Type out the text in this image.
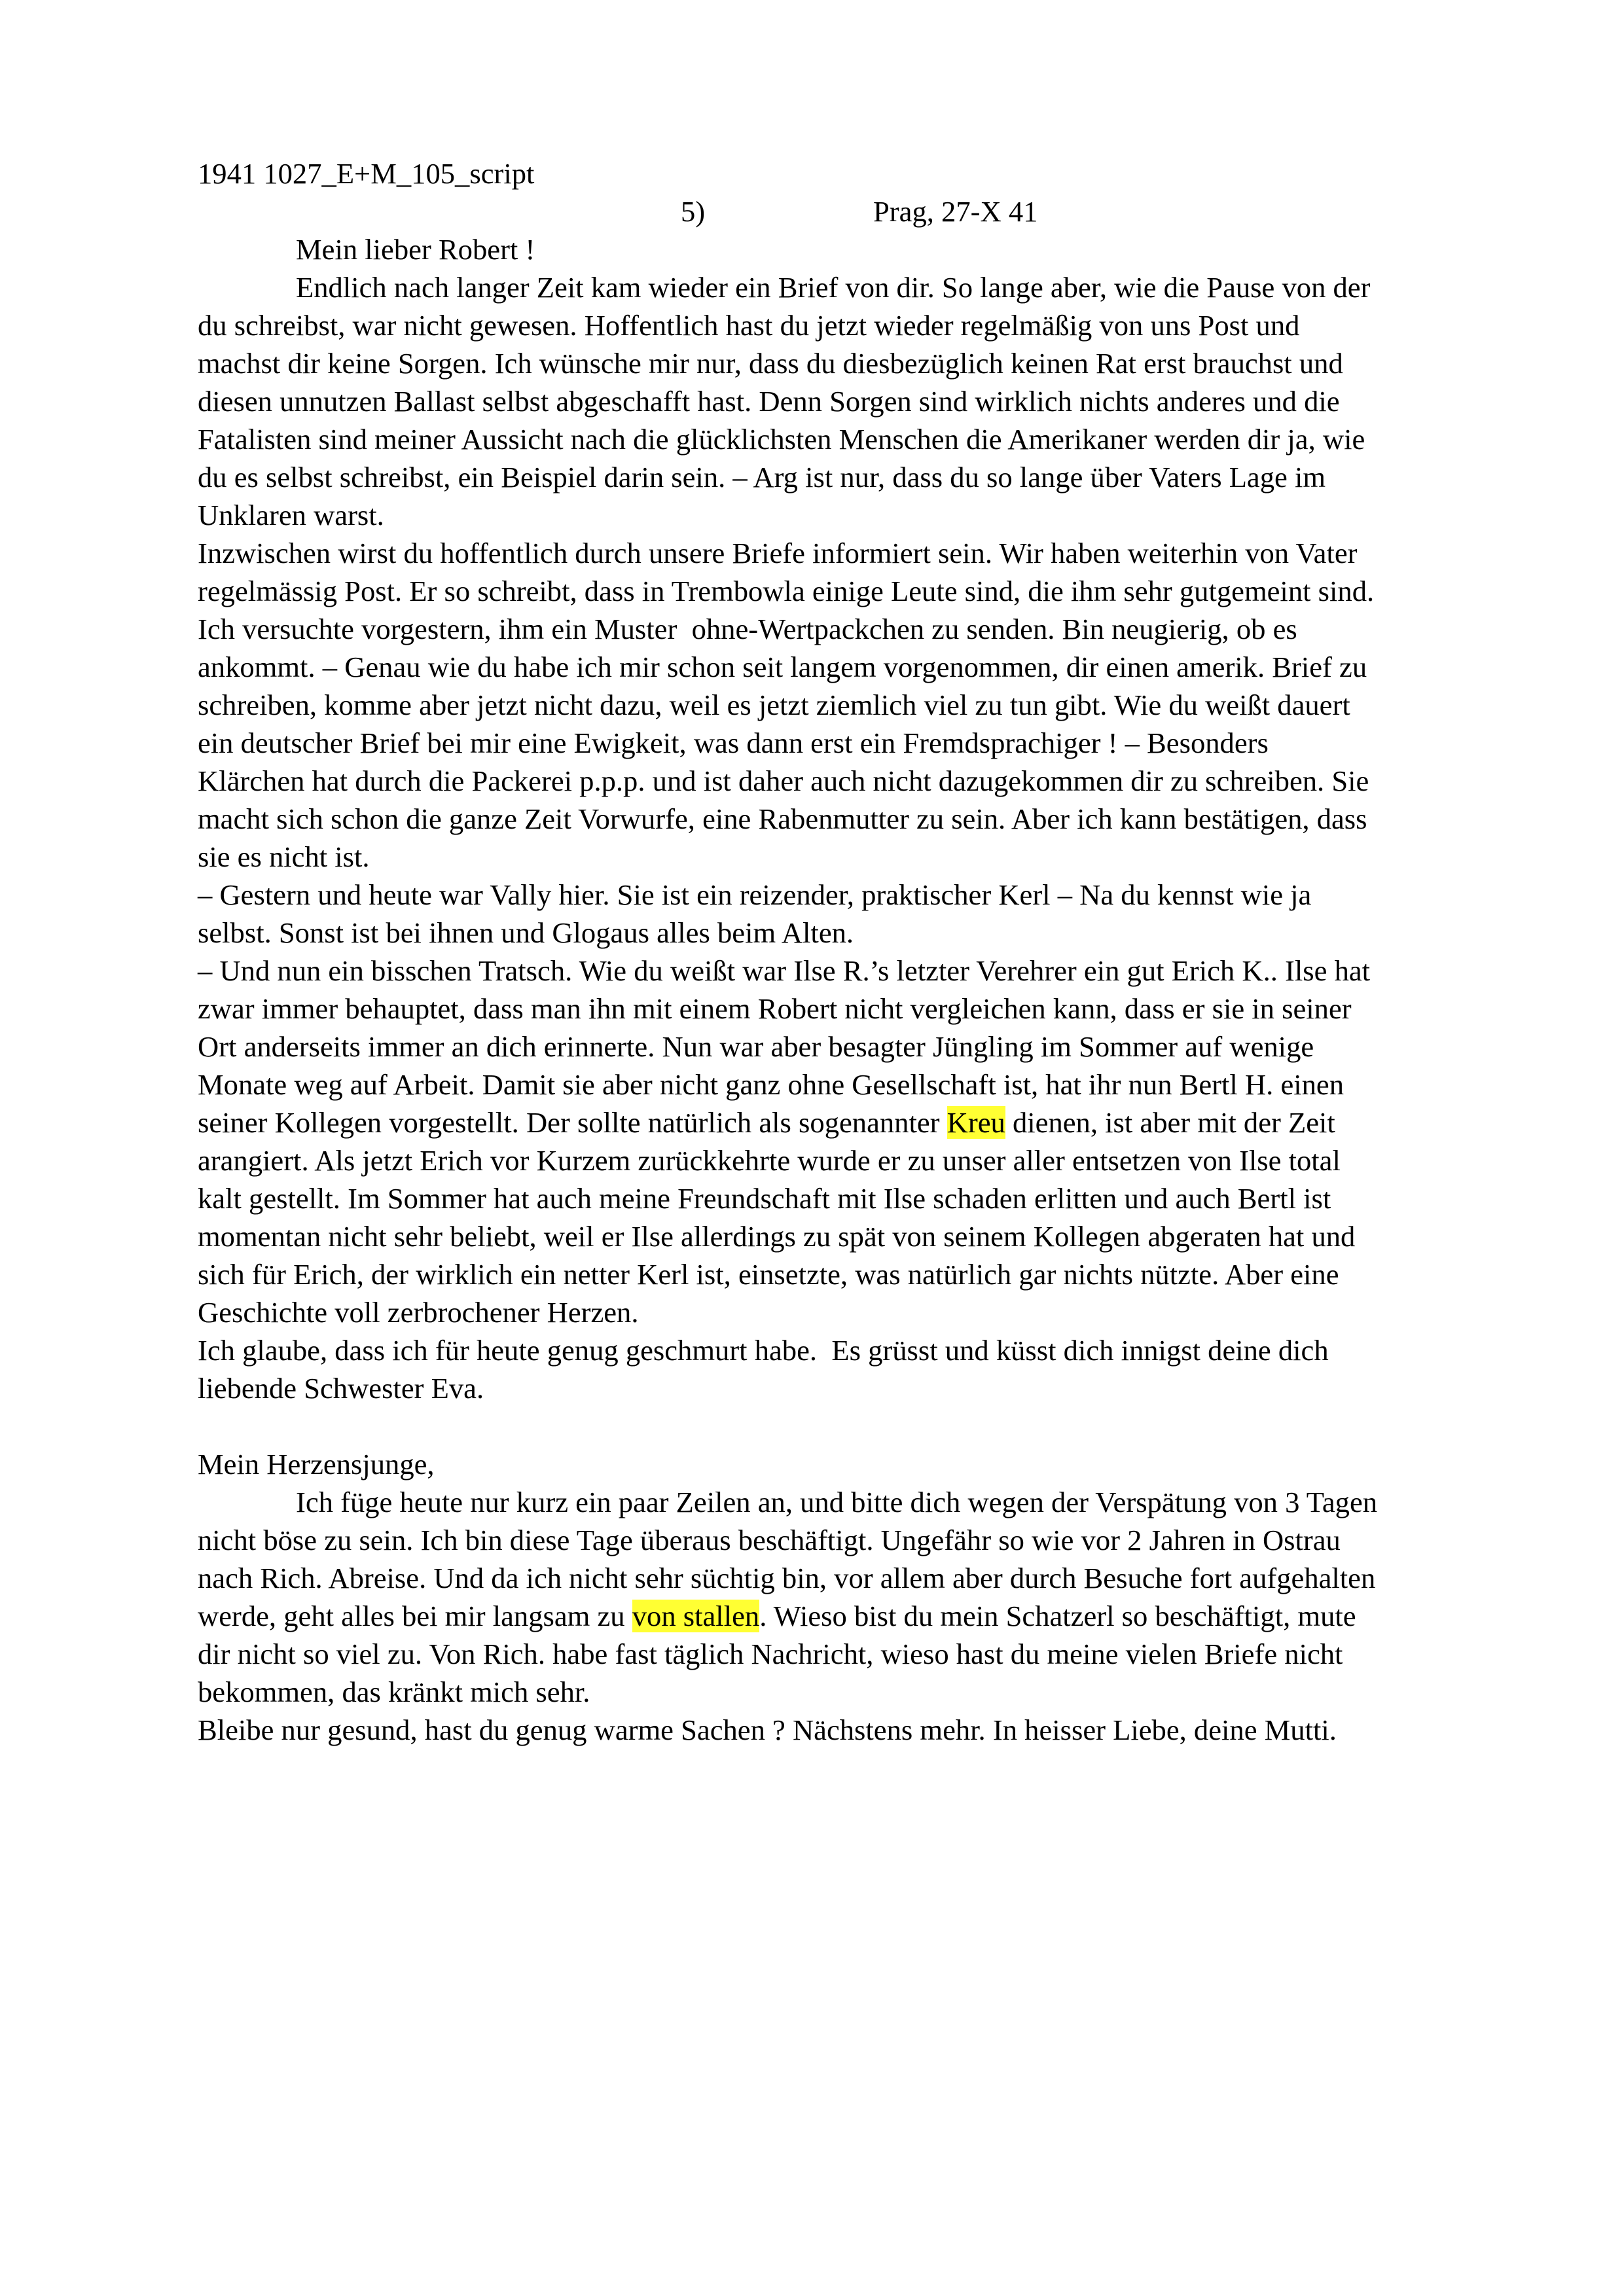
1941 1027_E+M_105_script
5)	Prag, 27-X 41
Mein lieber Robert !
Endlich nach langer Zeit kam wieder ein Brief von dir. So lange aber, wie die Pause von der
du schreibst, war nicht gewesen. Hoffentlich hast du jetzt wieder regelmäßig von uns Post und
machst dir keine Sorgen. Ich wünsche mir nur, dass du diesbezüglich keinen Rat erst brauchst und
diesen unnutzen Ballast selbst abgeschafft hast. Denn Sorgen sind wirklich nichts anderes und die
Fatalisten sind meiner Aussicht nach die glücklichsten Menschen die Amerikaner werden dir ja, wie
du es selbst schreibst, ein Beispiel darin sein. – Arg ist nur, dass du so lange über Vaters Lage im
Unklaren warst.
Inzwischen wirst du hoffentlich durch unsere Briefe informiert sein. Wir haben weiterhin von Vater
regelmässig Post. Er so schreibt, dass in Trembowla einige Leute sind, die ihm sehr gutgemeint sind.
Ich versuchte vorgestern, ihm ein Muster  ohne-Wertpackchen zu senden. Bin neugierig, ob es
ankommt. – Genau wie du habe ich mir schon seit langem vorgenommen, dir einen amerik. Brief zu
schreiben, komme aber jetzt nicht dazu, weil es jetzt ziemlich viel zu tun gibt. Wie du weißt dauert
ein deutscher Brief bei mir eine Ewigkeit, was dann erst ein Fremdsprachiger ! – Besonders
Klärchen hat durch die Packerei p.p.p. und ist daher auch nicht dazugekommen dir zu schreiben. Sie
macht sich schon die ganze Zeit Vorwurfe, eine Rabenmutter zu sein. Aber ich kann bestätigen, dass
sie es nicht ist.
– Gestern und heute war Vally hier. Sie ist ein reizender, praktischer Kerl – Na du kennst wie ja
selbst. Sonst ist bei ihnen und Glogaus alles beim Alten.
– Und nun ein bisschen Tratsch. Wie du weißt war Ilse R.’s letzter Verehrer ein gut Erich K.. Ilse hat
zwar immer behauptet, dass man ihn mit einem Robert nicht vergleichen kann, dass er sie in seiner
Ort anderseits immer an dich erinnerte. Nun war aber besagter Jüngling im Sommer auf wenige
Monate weg auf Arbeit. Damit sie aber nicht ganz ohne Gesellschaft ist, hat ihr nun Bertl H. einen
seiner Kollegen vorgestellt. Der sollte natürlich als sogenannter Kreu dienen, ist aber mit der Zeit
arangiert. Als jetzt Erich vor Kurzem zurückkehrte wurde er zu unser aller entsetzen von Ilse total
kalt gestellt. Im Sommer hat auch meine Freundschaft mit Ilse schaden erlitten und auch Bertl ist
momentan nicht sehr beliebt, weil er Ilse allerdings zu spät von seinem Kollegen abgeraten hat und
sich für Erich, der wirklich ein netter Kerl ist, einsetzte, was natürlich gar nichts nützte. Aber eine
Geschichte voll zerbrochener Herzen.
Ich glaube, dass ich für heute genug geschmurt habe.  Es grüsst und küsst dich innigst deine dich
liebende Schwester Eva.
Mein Herzensjunge,
Ich füge heute nur kurz ein paar Zeilen an, und bitte dich wegen der Verspätung von 3 Tagen
nicht böse zu sein. Ich bin diese Tage überaus beschäftigt. Ungefähr so wie vor 2 Jahren in Ostrau
nach Rich. Abreise. Und da ich nicht sehr süchtig bin, vor allem aber durch Besuche fort aufgehalten
werde, geht alles bei mir langsam zu von stallen. Wieso bist du mein Schatzerl so beschäftigt, mute
dir nicht so viel zu. Von Rich. habe fast täglich Nachricht, wieso hast du meine vielen Briefe nicht
bekommen, das kränkt mich sehr.
Bleibe nur gesund, hast du genug warme Sachen ? Nächstens mehr. In heisser Liebe, deine Mutti.
